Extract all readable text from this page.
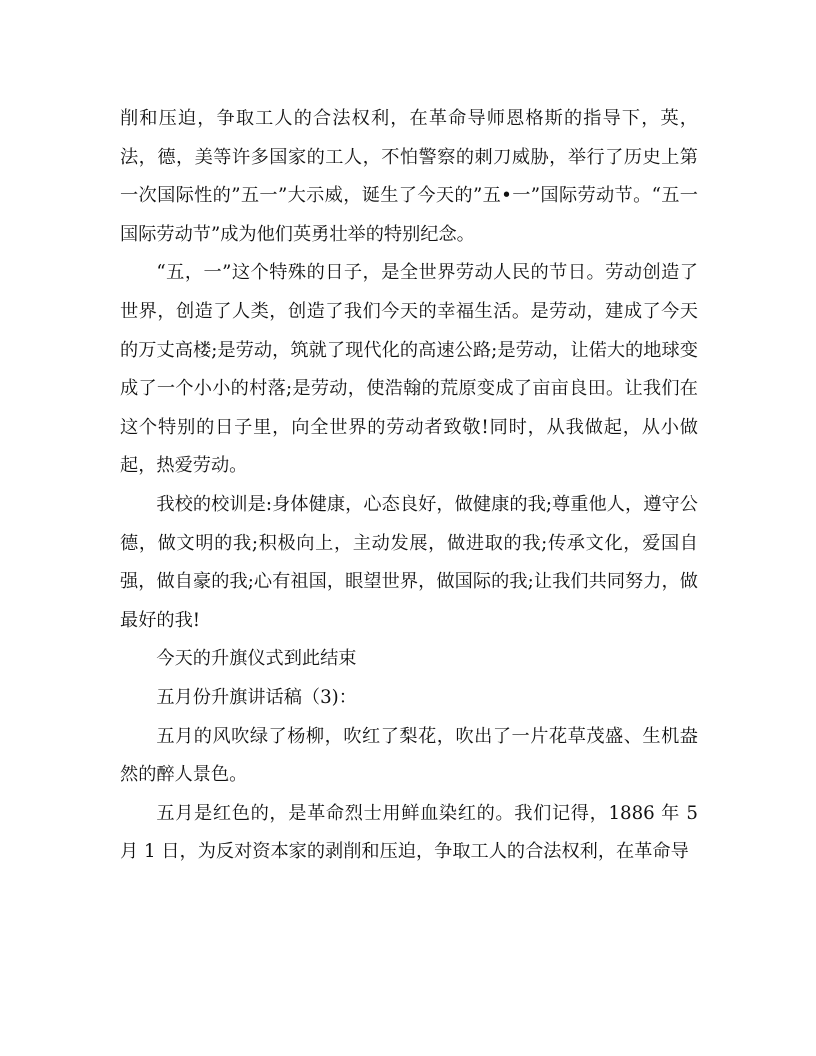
削和压迫，争取工人的合法权利，在革命导师恩格斯的指导下，英，法，德，美等许多国家的工人，不怕警察的刺刀威胁，举行了历史上第一次国际性的”五一”大示威，诞生了今天的”五•一”国际劳动节。“五一国际劳动节”成为他们英勇壮举的特别纪念。

“五，一”这个特殊的日子，是全世界劳动人民的节日。劳动创造了世界，创造了人类，创造了我们今天的幸福生活。是劳动，建成了今天的万丈高楼;是劳动，筑就了现代化的高速公路;是劳动，让偌大的地球变成了一个小小的村落;是劳动，使浩翰的荒原变成了亩亩良田。让我们在这个特别的日子里，向全世界的劳动者致敬!同时，从我做起，从小做起，热爱劳动。

我校的校训是:身体健康，心态良好，做健康的我;尊重他人，遵守公德，做文明的我;积极向上，主动发展，做进取的我;传承文化，爱国自强，做自豪的我;心有祖国，眼望世界，做国际的我;让我们共同努力，做最好的我!

今天的升旗仪式到此结束

五月份升旗讲话稿（3)：

五月的风吹绿了杨柳，吹红了梨花，吹出了一片花草茂盛、生机盎然的醉人景色。

五月是红色的，是革命烈士用鲜血染红的。我们记得，1886 年 5 月 1 日，为反对资本家的剥削和压迫，争取工人的合法权利，在革命导
